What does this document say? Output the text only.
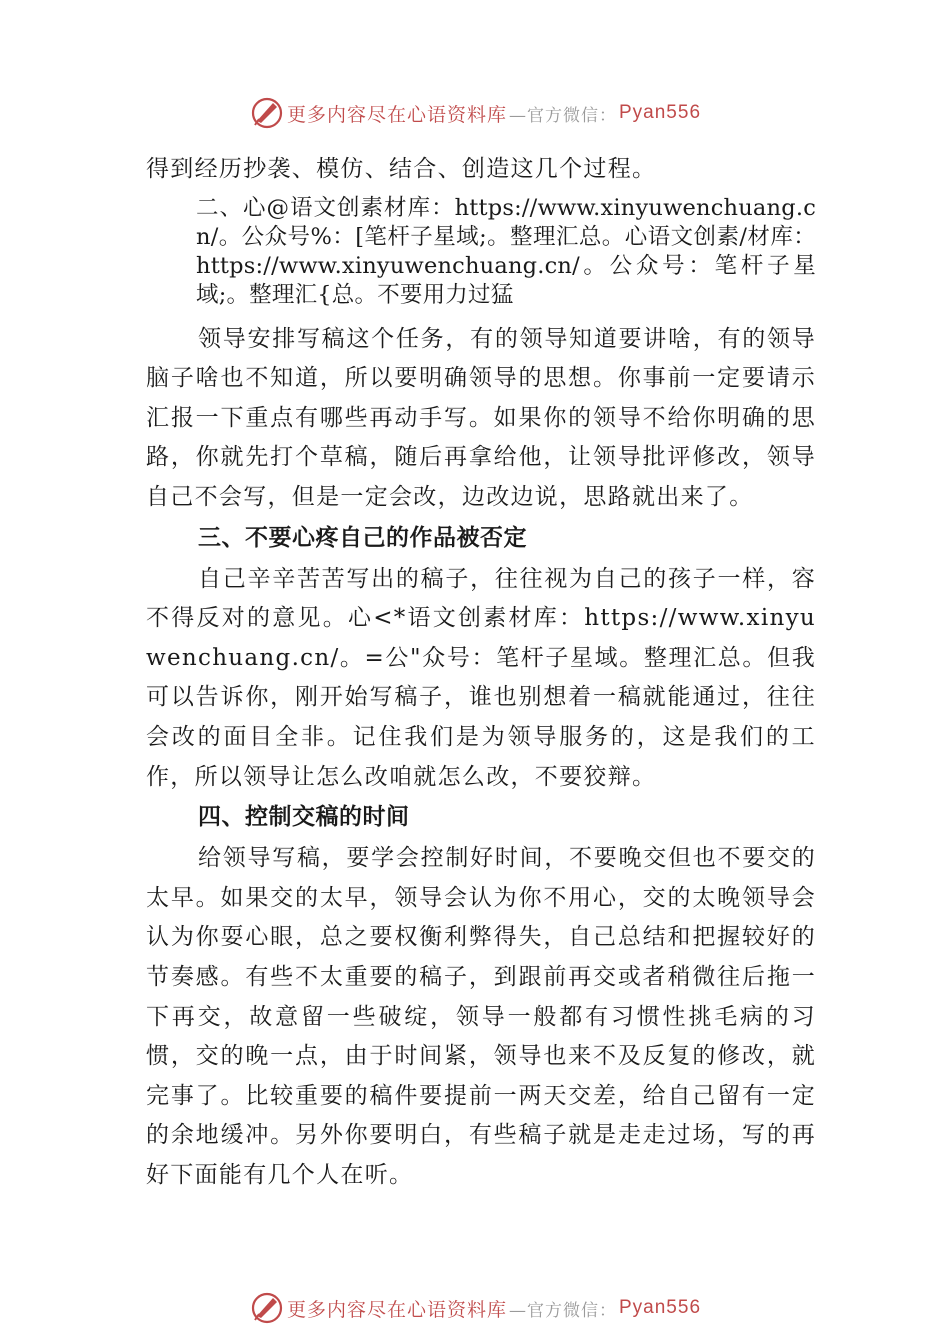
更多内容尽在心语资料库 —官方微信： Pyan556

得到经历抄袭、模仿、结合、创造这几个过程。

二、心@语文创素材库：https://www.xinyuwenchuang.cn/。公众号%：[笔杆子星域;。整理汇总。心语文创素/材库：https://www.xinyuwenchuang.cn/。公众号：笔杆子星域;。整理汇{总。不要用力过猛

领导安排写稿这个任务，有的领导知道要讲啥，有的领导脑子啥也不知道，所以要明确领导的思想。你事前一定要请示汇报一下重点有哪些再动手写。如果你的领导不给你明确的思路，你就先打个草稿，随后再拿给他，让领导批评修改，领导自己不会写，但是一定会改，边改边说，思路就出来了。

三、不要心疼自己的作品被否定

自己辛辛苦苦写出的稿子，往往视为自己的孩子一样，容不得反对的意见。心<*语文创素材库：https://www.xinyuwenchuang.cn/。=公"众号：笔杆子星域。整理汇总。但我可以告诉你，刚开始写稿子，谁也别想着一稿就能通过，往往会改的面目全非。记住我们是为领导服务的，这是我们的工作，所以领导让怎么改咱就怎么改，不要狡辩。

四、控制交稿的时间

给领导写稿，要学会控制好时间，不要晚交但也不要交的太早。如果交的太早，领导会认为你不用心，交的太晚领导会认为你耍心眼，总之要权衡利弊得失，自己总结和把握较好的节奏感。有些不太重要的稿子，到跟前再交或者稍微往后拖一下再交，故意留一些破绽，领导一般都有习惯性挑毛病的习惯，交的晚一点，由于时间紧，领导也来不及反复的修改，就完事了。比较重要的稿件要提前一两天交差，给自己留有一定的余地缓冲。另外你要明白，有些稿子就是走走过场，写的再好下面能有几个人在听。

更多内容尽在心语资料库 —官方微信： Pyan556
